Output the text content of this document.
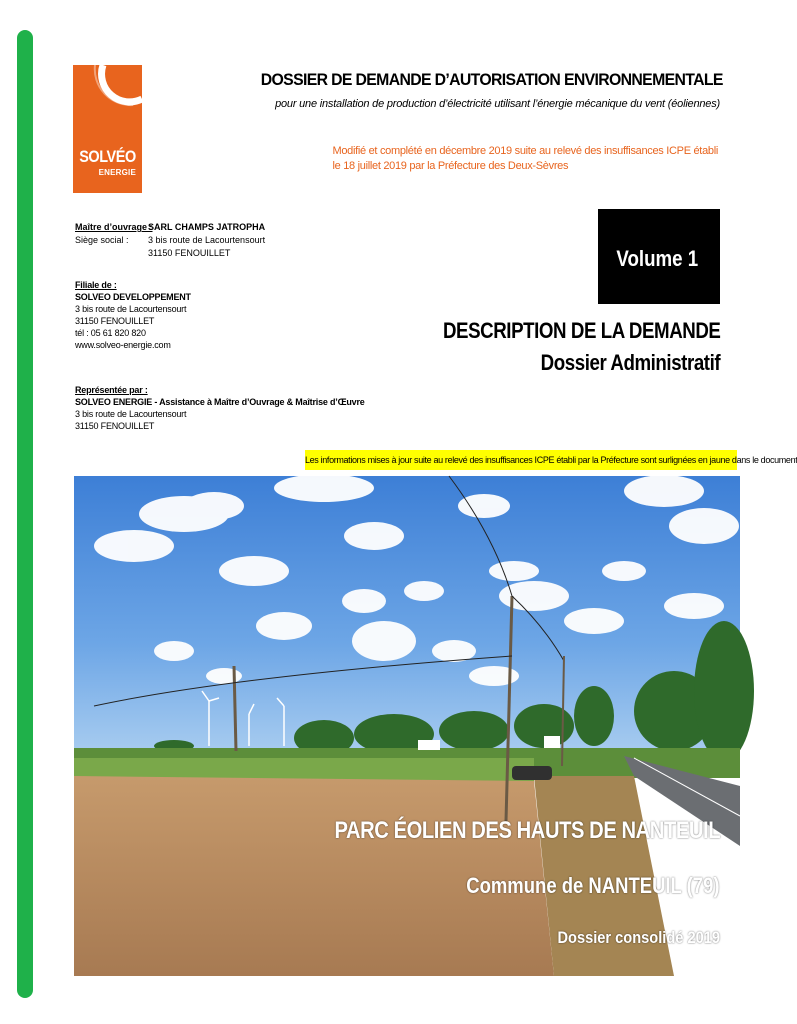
SOLVÉO
ENERGIE
DOSSIER DE DEMANDE D’AUTORISATION ENVIRONNEMENTALE
pour une installation de production d’électricité utilisant l’énergie mécanique du vent (éoliennes)
Modifié et complété en décembre 2019 suite au relevé des insuffisances ICPE établi
le 18 juillet 2019 par la Préfecture des Deux-Sèvres
Maître d’ouvrage :
SARL CHAMPS JATROPHA
Siège social :	3 bis route de Lacourtensourt
31150 FENOUILLET
Filiale de :
SOLVEO DEVELOPPEMENT
3 bis route de Lacourtensourt
31150 FENOUILLET
tél : 05 61 820 820
www.solveo-energie.com
Représentée par :
SOLVEO ENERGIE - Assistance à Maître d’Ouvrage & Maîtrise d’Œuvre
3 bis route de Lacourtensourt
31150 FENOUILLET
Volume 1
DESCRIPTION DE LA DEMANDE
Dossier Administratif
Les informations mises à jour suite au relevé des insuffisances ICPE établi par la Préfecture sont surlignées en jaune dans le document
PARC ÉOLIEN DES HAUTS DE NANTEUIL
Commune de NANTEUIL (79)
Dossier consolidé 2019
